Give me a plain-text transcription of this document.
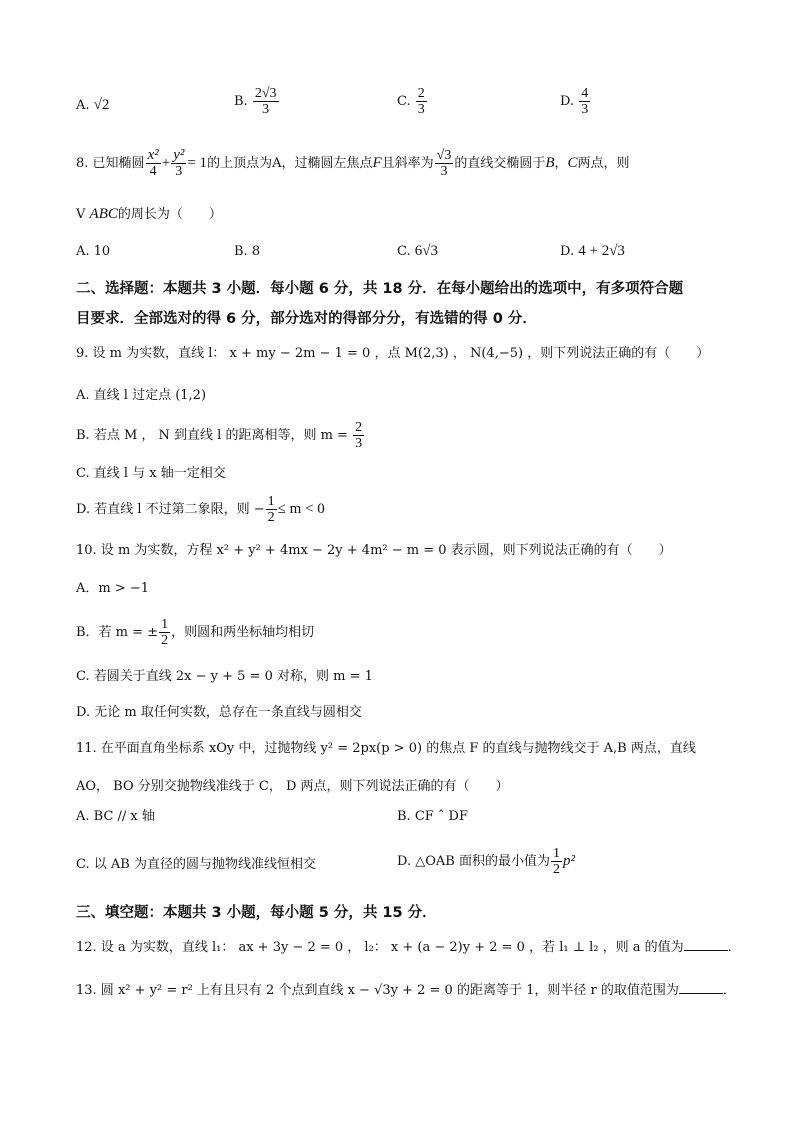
A. √2	B. $\frac{2√3}{3}$	C. $\frac{2}{3}$	D. $\frac{4}{3}$
8. 已知椭圆 $\frac{\text{x²}}{4} + \frac{\text{y²}}{3} = 1$的上顶点为A，过椭圆左焦点F且斜率为 $\frac{√3}{3}$ 的直线交椭圆于B，C两点，则
V ABC的周长为（　　）
A. 10	B. 8	C. 6√3	D. 4 + 2√3
二、选择题：本题共 3 小题．每小题 6 分，共 18 分．在每小题给出的选项中，有多项符合题
目要求．全部选对的得 6 分，部分选对的得部分分，有选错的得 0 分．
9. 设 m 为实数，直线 l： x + my − 2m − 1 = 0 ，点 M(2,3) ， N(4,−5) ，则下列说法正确的有（　　）
A. 直线 l 过定点 (1,2)
B. 若点 M ， N 到直线 l 的距离相等，则 $m = \frac{2}{3}$
C. 直线 l 与 x 轴一定相交
D. 若直线 l 不过第二象限，则 − $\frac{1}{2} \le m < 0$
10. 设 m 为实数，方程 x² + y² + 4mx − 2y + 4m² − m = 0 表示圆，则下列说法正确的有（　　）
A．m > −1
B．若 m = ± $\frac{1}{2}$ ，则圆和两坐标轴均相切
C. 若圆关于直线 2x − y + 5 = 0 对称，则 m = 1
D. 无论 m 取任何实数，总存在一条直线与圆相交
11. 在平面直角坐标系 xOy 中，过抛物线 y² = 2px(p > 0) 的焦点 F 的直线与抛物线交于 A,B 两点，直线
AO， BO 分别交抛物线准线于 C， D 两点，则下列说法正确的有（　　）
A. BC // x 轴	B. CF ˆ DF
C. 以 AB 为直径的圆与抛物线准线恒相交	D. △OAB 面积的最小值为 $\frac{1}{2} p^2$
三、填空题：本题共 3 小题，每小题 5 分，共 15 分．
12. 设 a 为实数，直线 l₁： ax + 3y − 2 = 0 ， l₂： x + (a − 2)y + 2 = 0 ，若 l₁ ⊥ l₂ ，则 a 的值为	．
13. 圆 x² + y² = r² 上有且只有 2 个点到直线 x − √3y + 2 = 0 的距离等于 1，则半径 r 的取值范围为	．
